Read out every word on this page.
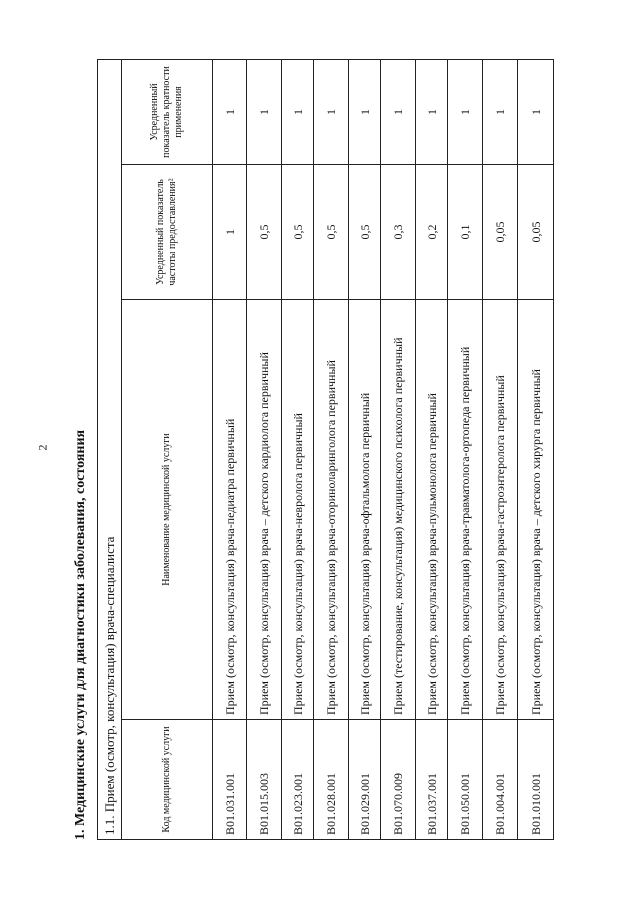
2 1. Медицинские услуги для диагностики заболевания, состояния 1.1. Прием (осмотр, консультация) врача-специалиста			
Код медицинской услуги	Наименование медицинской услуги	Усредненный показатель частоты предоставления²	Усредненный показатель кратности применения
B01.031.001	Прием (осмотр, консультация) врача-педиатра первичный	1	1
B01.015.003	Прием (осмотр, консультация) врача – детского кардиолога первичный	0,5	1
B01.023.001	Прием (осмотр, консультация) врача-невролога первичный	0,5	1
B01.028.001	Прием (осмотр, консультация) врача-оториноларинголога первичный	0,5	1
B01.029.001	Прием (осмотр, консультация) врача-офтальмолога первичный	0,5	1
B01.070.009	Прием (тестирование, консультация) медицинского психолога первичный	0,3	1
B01.037.001	Прием (осмотр, консультация) врача-пульмонолога первичный	0,2	1
B01.050.001	Прием (осмотр, консультация) врача-травматолога-ортопеда первичный	0,1	1
B01.004.001	Прием (осмотр, консультация) врача-гастроэнтеролога первичный	0,05	1
B01.010.001	Прием (осмотр, консультация) врача – детского хирурга первичный	0,05	1
